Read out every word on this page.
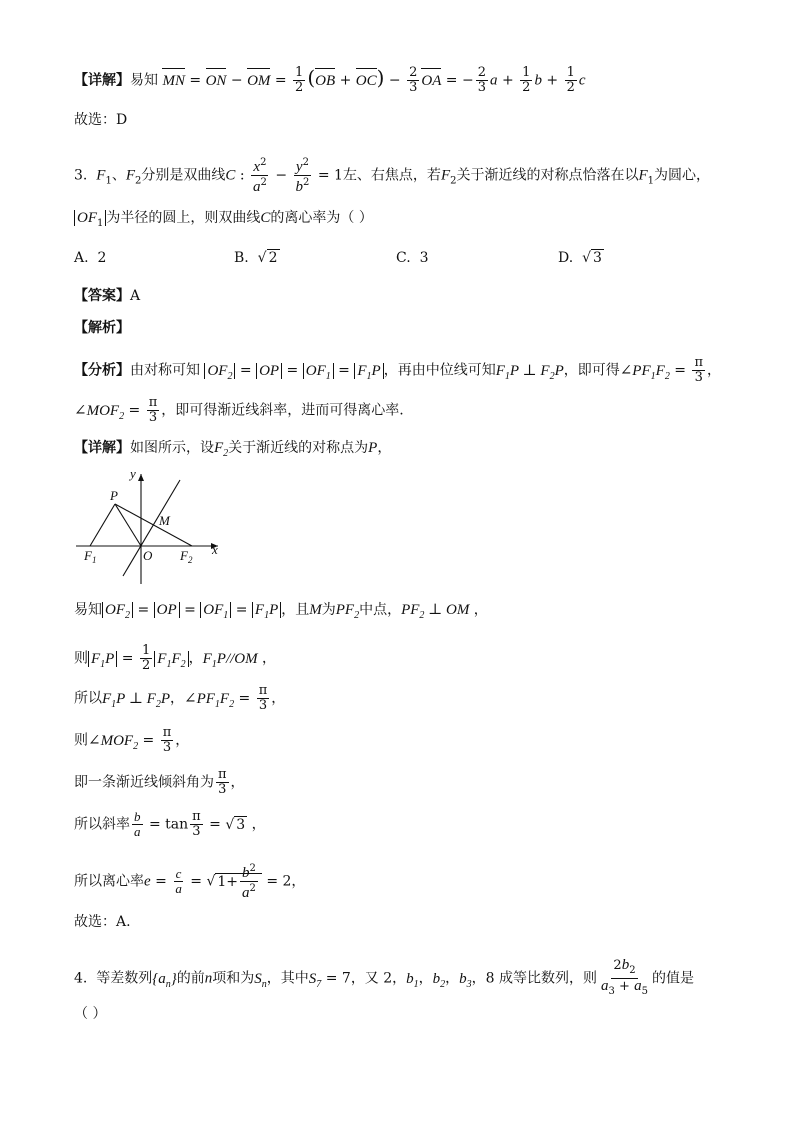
【详解】易知 MN = ON − OM = $\frac{1}{2} (OB + OC) - \frac{2}{3}$ OA = − $\frac{2}{3}$ $a + \frac{1}{2}$ $b + \frac{1}{2}$ c
故选：D
3. $F_1$、$F_2$分别是双曲线C : $\frac{x^2}{a^2} - \frac{y^2}{b^2} = 1$左、右焦点，若$F_2$关于渐近线的对称点恰落在以$F_1$为圆心，
$OF_1$ 为半径的圆上，则双曲线C的离心率为（ ）
A. 2	B. √ 2	C. 3	D. √ 3
【答案】A
【解析】
【分析】由对称可知 $OF_2$ = OP = $OF_1 = F_1P$ ，再由中位线可知$F_1P$ ⊥ $F_2P$，即可得$\angle PF_1F_2 = \frac{\pi}{3}$ ，
$\angle MOF_2 = \frac{\pi}{3}$ ，即可得渐近线斜率，进而可得离心率.
【详解】如图所示，设$F_2$关于渐近线的对称点为P，
y
x
P
M
O
$F_1$	$F_2$
易知 $OF_2$ = OP = $OF_1 = F_1P$ ，且M为$PF_2$中点，$PF_2$ ⊥ OM ，
则 $F_1P = \frac{1}{2} F_1F_2$ ，$F_1P//OM$ ，
所以$F_1P$ ⊥ $F_2P$，$\angle PF_1F_2 = \frac{\pi}{3}$ ，
则$\angle MOF_2 = \frac{\pi}{3}$ ，
即一条渐近线倾斜角为 $\frac{\pi}{3}$ ，
所以斜率 $\frac{b}{a} = \tan \frac{\pi}{3}$ = √ 3 ，
所以离心率$e = \frac{c}{a}$ = √ $1+ \frac{b^2}{a^2} = 2$，
故选：A.
4. 等差数列$\{a_n\}$的前n项和为$S_n$，其中$S_7 = 7$，又 2，$b_1$，$b_2$，$b_3$，8 成等比数列，则 $\frac{2b_2}{a_3 + a_5}$ 的值是
（ ）
